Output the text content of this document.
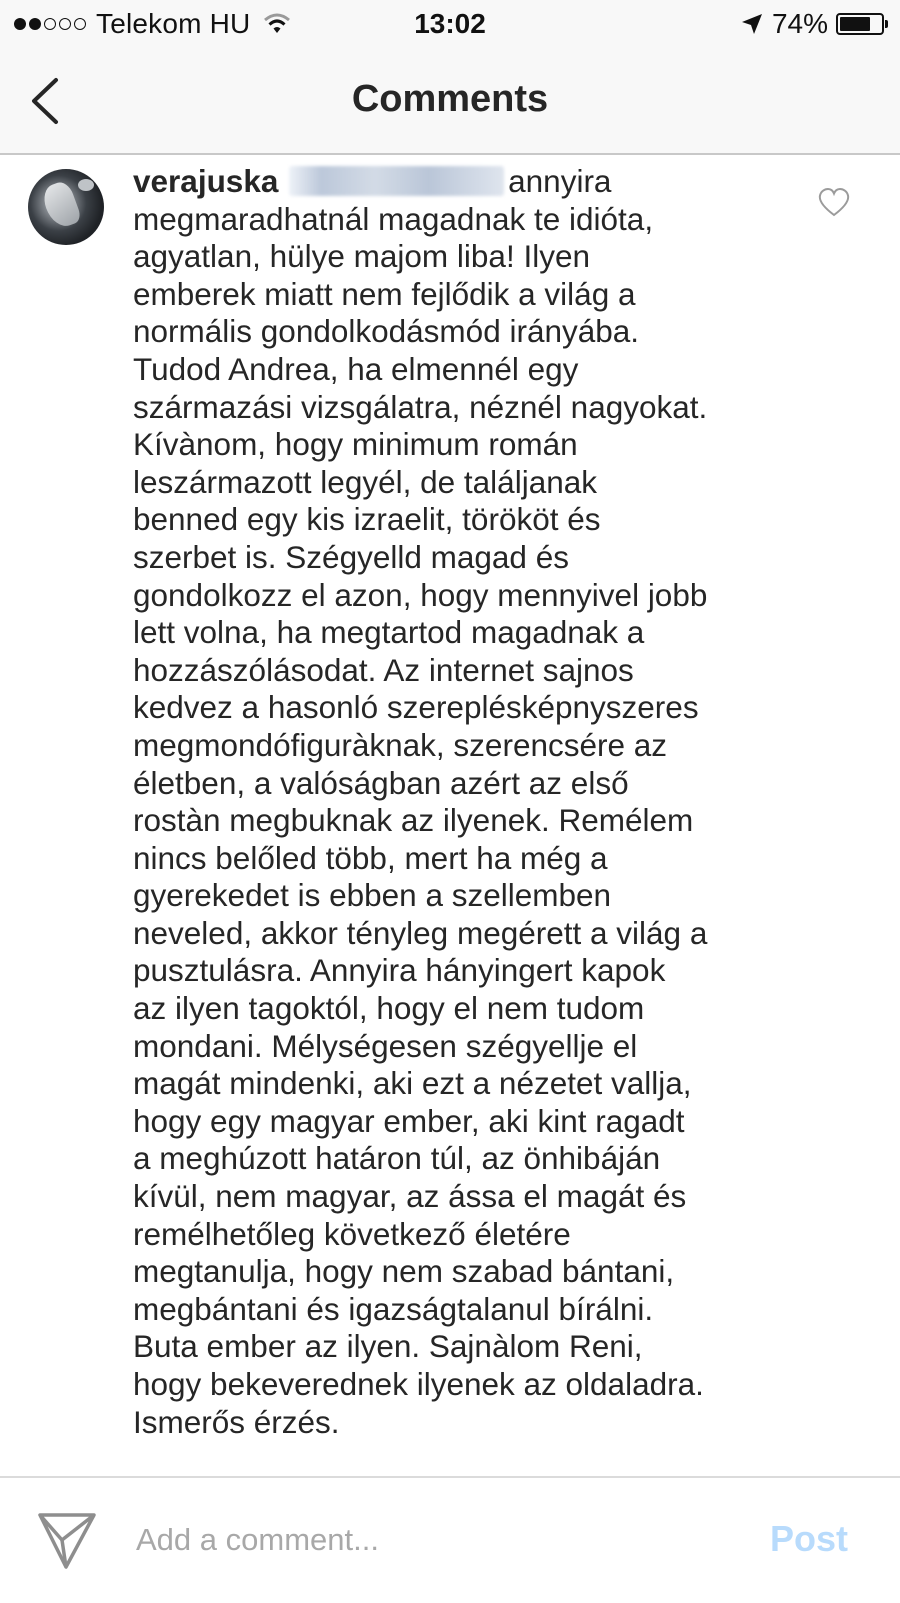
Telekom HU	13:02	74%
Comments
verajuska	annyira
megmaradhatnál magadnak te idióta,
agyatlan, hülye majom liba! Ilyen
emberek miatt nem fejlődik a világ a
normális gondolkodásmód irányába.
Tudod Andrea, ha elmennél egy
származási vizsgálatra, néznél nagyokat.
Kívànom, hogy minimum román
leszármazott legyél, de találjanak
benned egy kis izraelit, törököt és
szerbet is. Szégyelld magad és
gondolkozz el azon, hogy mennyivel jobb
lett volna, ha megtartod magadnak a
hozzászólásodat. Az internet sajnos
kedvez a hasonló szereplésképnyszeres
megmondófiguràknak, szerencsére az
életben, a valóságban azért az első
rostàn megbuknak az ilyenek. Remélem
nincs belőled több, mert ha még a
gyerekedet is ebben a szellemben
neveled, akkor tényleg megérett a világ a
pusztulásra. Annyira hányingert kapok
az ilyen tagoktól, hogy el nem tudom
mondani. Mélységesen szégyellje el
magát mindenki, aki ezt a nézetet vallja,
hogy egy magyar ember, aki kint ragadt
a meghúzott határon túl, az önhibáján
kívül, nem magyar, az ássa el magát és
remélhetőleg következő életére
megtanulja, hogy nem szabad bántani,
megbántani és igazságtalanul bírálni.
Buta ember az ilyen. Sajnàlom Reni,
hogy bekeverednek ilyenek az oldaladra.
Ismerős érzés.
Add a comment...
Post
